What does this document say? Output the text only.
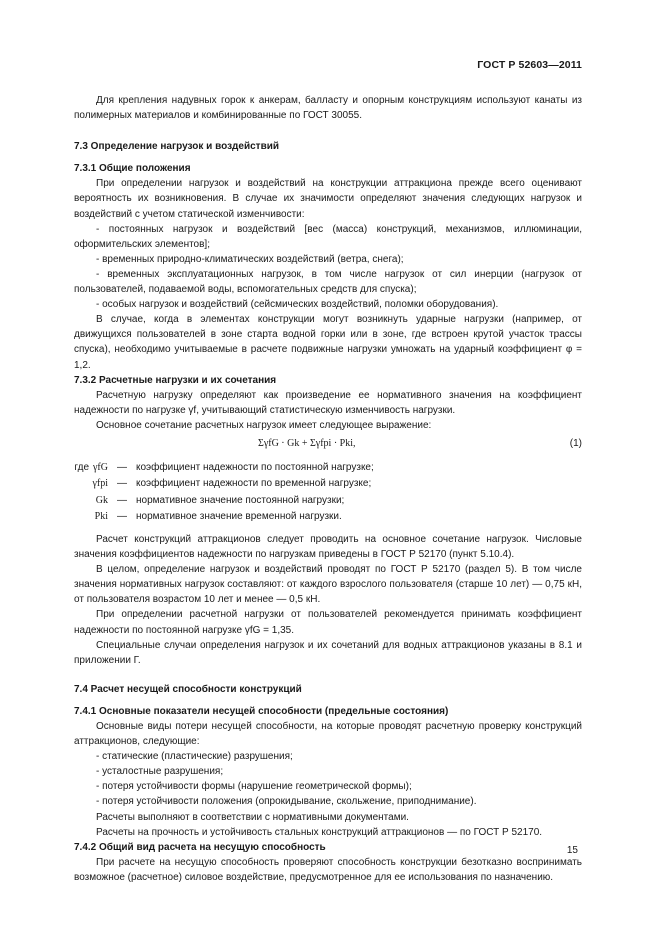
ГОСТ Р 52603—2011

Для крепления надувных горок к анкерам, балласту и опорным конструкциям используют канаты из полимерных материалов и комбинированные по ГОСТ 30055.

7.3 Определение нагрузок и воздействий

7.3.1 Общие положения

При определении нагрузок и воздействий на конструкции аттракциона прежде всего оценивают вероятность их возникновения. В случае их значимости определяют значения следующих нагрузок и воздействий с учетом статической изменчивости:

- постоянных нагрузок и воздействий [вес (масса) конструкций, механизмов, иллюминации, оформительских элементов];

- временных природно-климатических воздействий (ветра, снега);

- временных эксплуатационных нагрузок, в том числе нагрузок от сил инерции (нагрузок от пользователей, подаваемой воды, вспомогательных средств для спуска);

- особых нагрузок и воздействий (сейсмических воздействий, поломки оборудования).

В случае, когда в элементах конструкции могут возникнуть ударные нагрузки (например, от движущихся пользователей в зоне старта водной горки или в зоне, где встроен крутой участок трассы спуска), необходимо учитываемые в расчете подвижные нагрузки умножать на ударный коэффициент φ = 1,2.

7.3.2 Расчетные нагрузки и их сочетания

Расчетную нагрузку определяют как произведение ее нормативного значения на коэффициент надежности по нагрузке γf, учитывающий статистическую изменчивость нагрузки.

Основное сочетание расчетных нагрузок имеет следующее выражение:

ΣγfG · Gk + Σγfpi · Pki,	(1)
где γfG — коэффициент надежности по постоянной нагрузке;
γfpi — коэффициент надежности по временной нагрузке;
Gk — нормативное значение постоянной нагрузки;
Pki — нормативное значение временной нагрузки.

Расчет конструкций аттракционов следует проводить на основное сочетание нагрузок. Числовые значения коэффициентов надежности по нагрузкам приведены в ГОСТ Р 52170 (пункт 5.10.4).

В целом, определение нагрузок и воздействий проводят по ГОСТ Р 52170 (раздел 5). В том числе значения нормативных нагрузок составляют: от каждого взрослого пользователя (старше 10 лет) — 0,75 кН, от пользователя возрастом 10 лет и менее — 0,5 кН.

При определении расчетной нагрузки от пользователей рекомендуется принимать коэффициент надежности по постоянной нагрузке γfG = 1,35.

Специальные случаи определения нагрузок и их сочетаний для водных аттракционов указаны в 8.1 и приложении Г.

7.4 Расчет несущей способности конструкций

7.4.1 Основные показатели несущей способности (предельные состояния)

Основные виды потери несущей способности, на которые проводят расчетную проверку конструкций аттракционов, следующие:

- статические (пластические) разрушения;

- усталостные разрушения;

- потеря устойчивости формы (нарушение геометрической формы);

- потеря устойчивости положения (опрокидывание, скольжение, приподнимание).

Расчеты выполняют в соответствии с нормативными документами.

Расчеты на прочность и устойчивость стальных конструкций аттракционов — по ГОСТ Р 52170.

7.4.2 Общий вид расчета на несущую способность

При расчете на несущую способность проверяют способность конструкции безотказно воспринимать возможное (расчетное) силовое воздействие, предусмотренное для ее использования по назначению.

15
